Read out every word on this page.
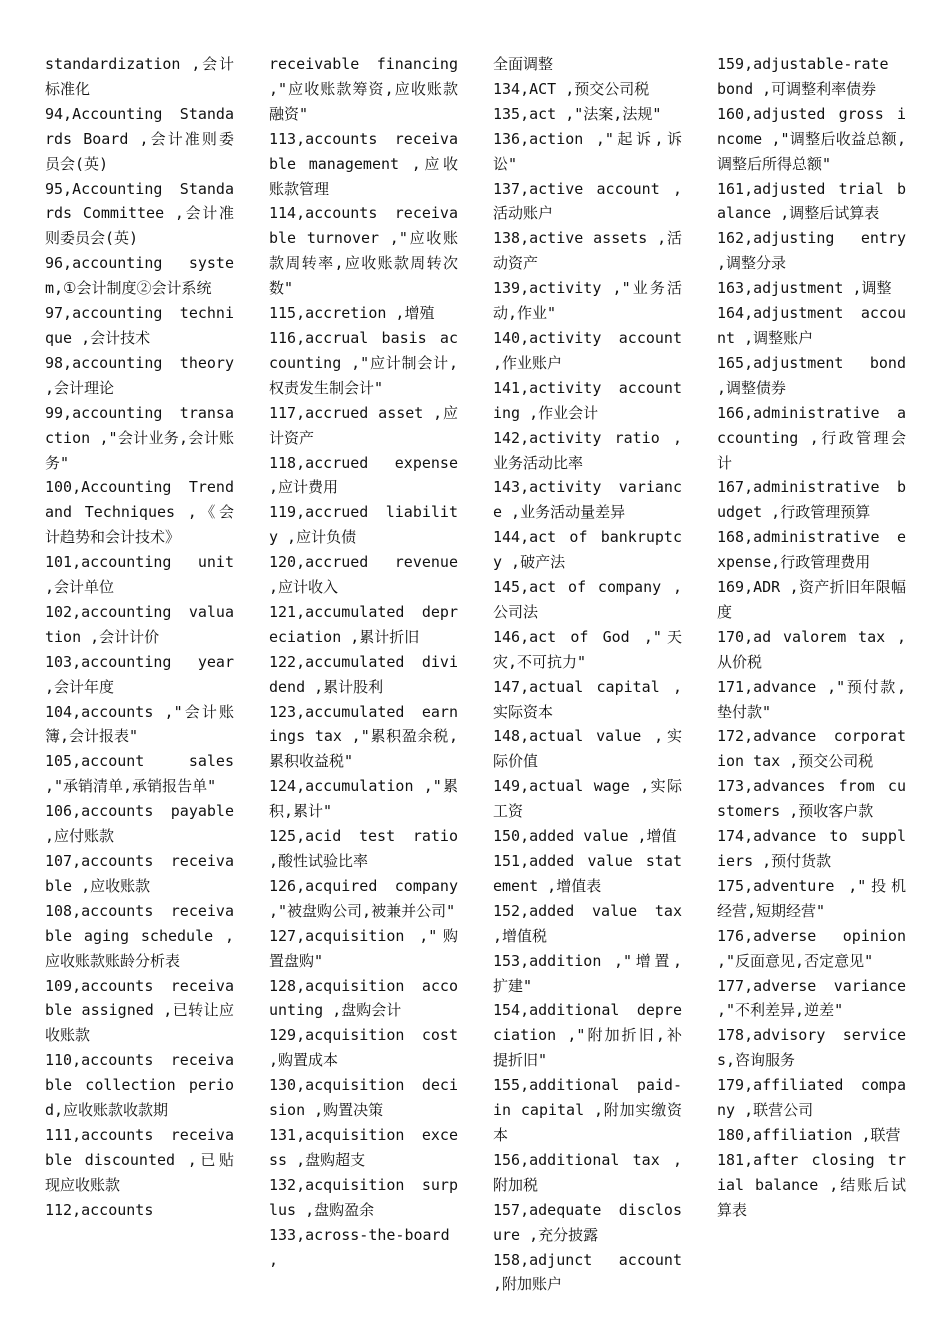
standardization ,会计标准化

94,Accounting Standards Board ,会计准则委员会(英)

95,Accounting Standards Committee ,会计准则委员会(英)

96,accounting system,①会计制度②会计系统

97,accounting technique ,会计技术

98,accounting theory ,会计理论

99,accounting transaction ,"会计业务,会计账务"

100,Accounting Trend and Techniques ,《会计趋势和会计技术》

101,accounting unit ,会计单位

102,accounting valuation ,会计计价

103,accounting year ,会计年度

104,accounts ,"会计账簿,会计报表"

105,account sales ,"承销清单,承销报告单"

106,accounts payable ,应付账款

107,accounts receivable ,应收账款

108,accounts receivable aging schedule ,应收账款账龄分析表

109,accounts receivable assigned ,已转让应收账款

110,accounts receivable collection period,应收账款收款期

111,accounts receivable discounted ,已贴现应收账款

112,accounts

receivable financing ,"应收账款筹资,应收账款融资"

113,accounts receivable management ,应收账款管理

114,accounts receivable turnover ,"应收账款周转率,应收账款周转次数"

115,accretion ,增殖

116,accrual basis accounting ,"应计制会计,权责发生制会计"

117,accrued asset ,应计资产

118,accrued expense ,应计费用

119,accrued liability ,应计负债

120,accrued revenue ,应计收入

121,accumulated depreciation ,累计折旧

122,accumulated dividend ,累计股利

123,accumulated earnings tax ,"累积盈余税,累积收益税"

124,accumulation ,"累积,累计"

125,acid test ratio ,酸性试验比率

126,acquired company ,"被盘购公司,被兼并公司"

127,acquisition ,"购置盘购"

128,acquisition accounting ,盘购会计

129,acquisition cost ,购置成本

130,acquisition decision ,购置决策

131,acquisition excess ,盘购超支

132,acquisition surplus ,盘购盈余

133,across-the-board ,

全面调整

134,ACT ,预交公司税

135,act ,"法案,法规"

136,action ,"起诉,诉讼"

137,active account ,活动账户

138,active assets ,活动资产

139,activity ,"业务活动,作业"

140,activity account ,作业账户

141,activity accounting ,作业会计

142,activity ratio ,业务活动比率

143,activity variance ,业务活动量差异

144,act of bankruptcy ,破产法

145,act of company ,公司法

146,act of God ,"天灾,不可抗力"

147,actual capital ,实际资本

148,actual value ,实际价值

149,actual wage ,实际工资

150,added value ,增值

151,added value statement ,增值表

152,added value tax ,增值税

153,addition ,"增置,扩建"

154,additional depreciation ,"附加折旧,补提折旧"

155,additional paid-in capital ,附加实缴资本

156,additional tax ,附加税

157,adequate disclosure ,充分披露

158,adjunct account ,附加账户

159,adjustable-rate bond ,可调整利率债券

160,adjusted gross income ,"调整后收益总额,调整后所得总额"

161,adjusted trial balance ,调整后试算表

162,adjusting entry ,调整分录

163,adjustment ,调整

164,adjustment account ,调整账户

165,adjustment bond ,调整债券

166,administrative accounting ,行政管理会计

167,administrative budget ,行政管理预算

168,administrative expense,行政管理费用

169,ADR ,资产折旧年限幅度

170,ad valorem tax ,从价税

171,advance ,"预付款,垫付款"

172,advance corporation tax ,预交公司税

173,advances from customers ,预收客户款

174,advance to suppliers ,预付货款

175,adventure ,"投机经营,短期经营"

176,adverse opinion ,"反面意见,否定意见"

177,adverse variance ,"不利差异,逆差"

178,advisory services,咨询服务

179,affiliated company ,联营公司

180,affiliation ,联营

181,after closing trial balance ,结账后试算表
